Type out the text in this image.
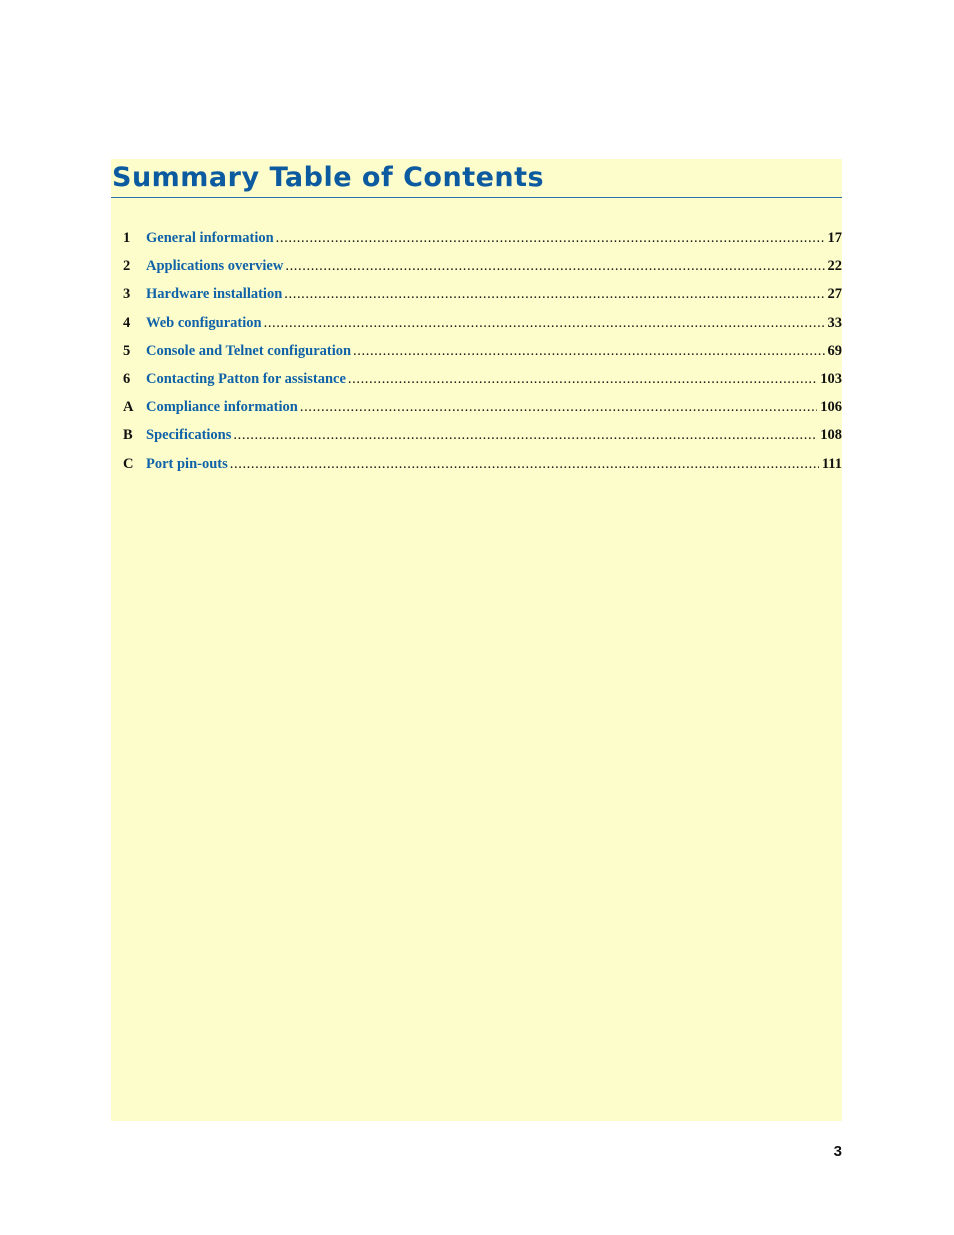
Summary Table of Contents
1	General information .....	17
2	Applications overview .....	22
3	Hardware installation .....	27
4	Web configuration .....	33
5	Console and Telnet configuration .....	69
6	Contacting Patton for assistance .....	103
A Compliance information .....	106
B Specifications .....	108
C Port pin-outs .....	111
3
